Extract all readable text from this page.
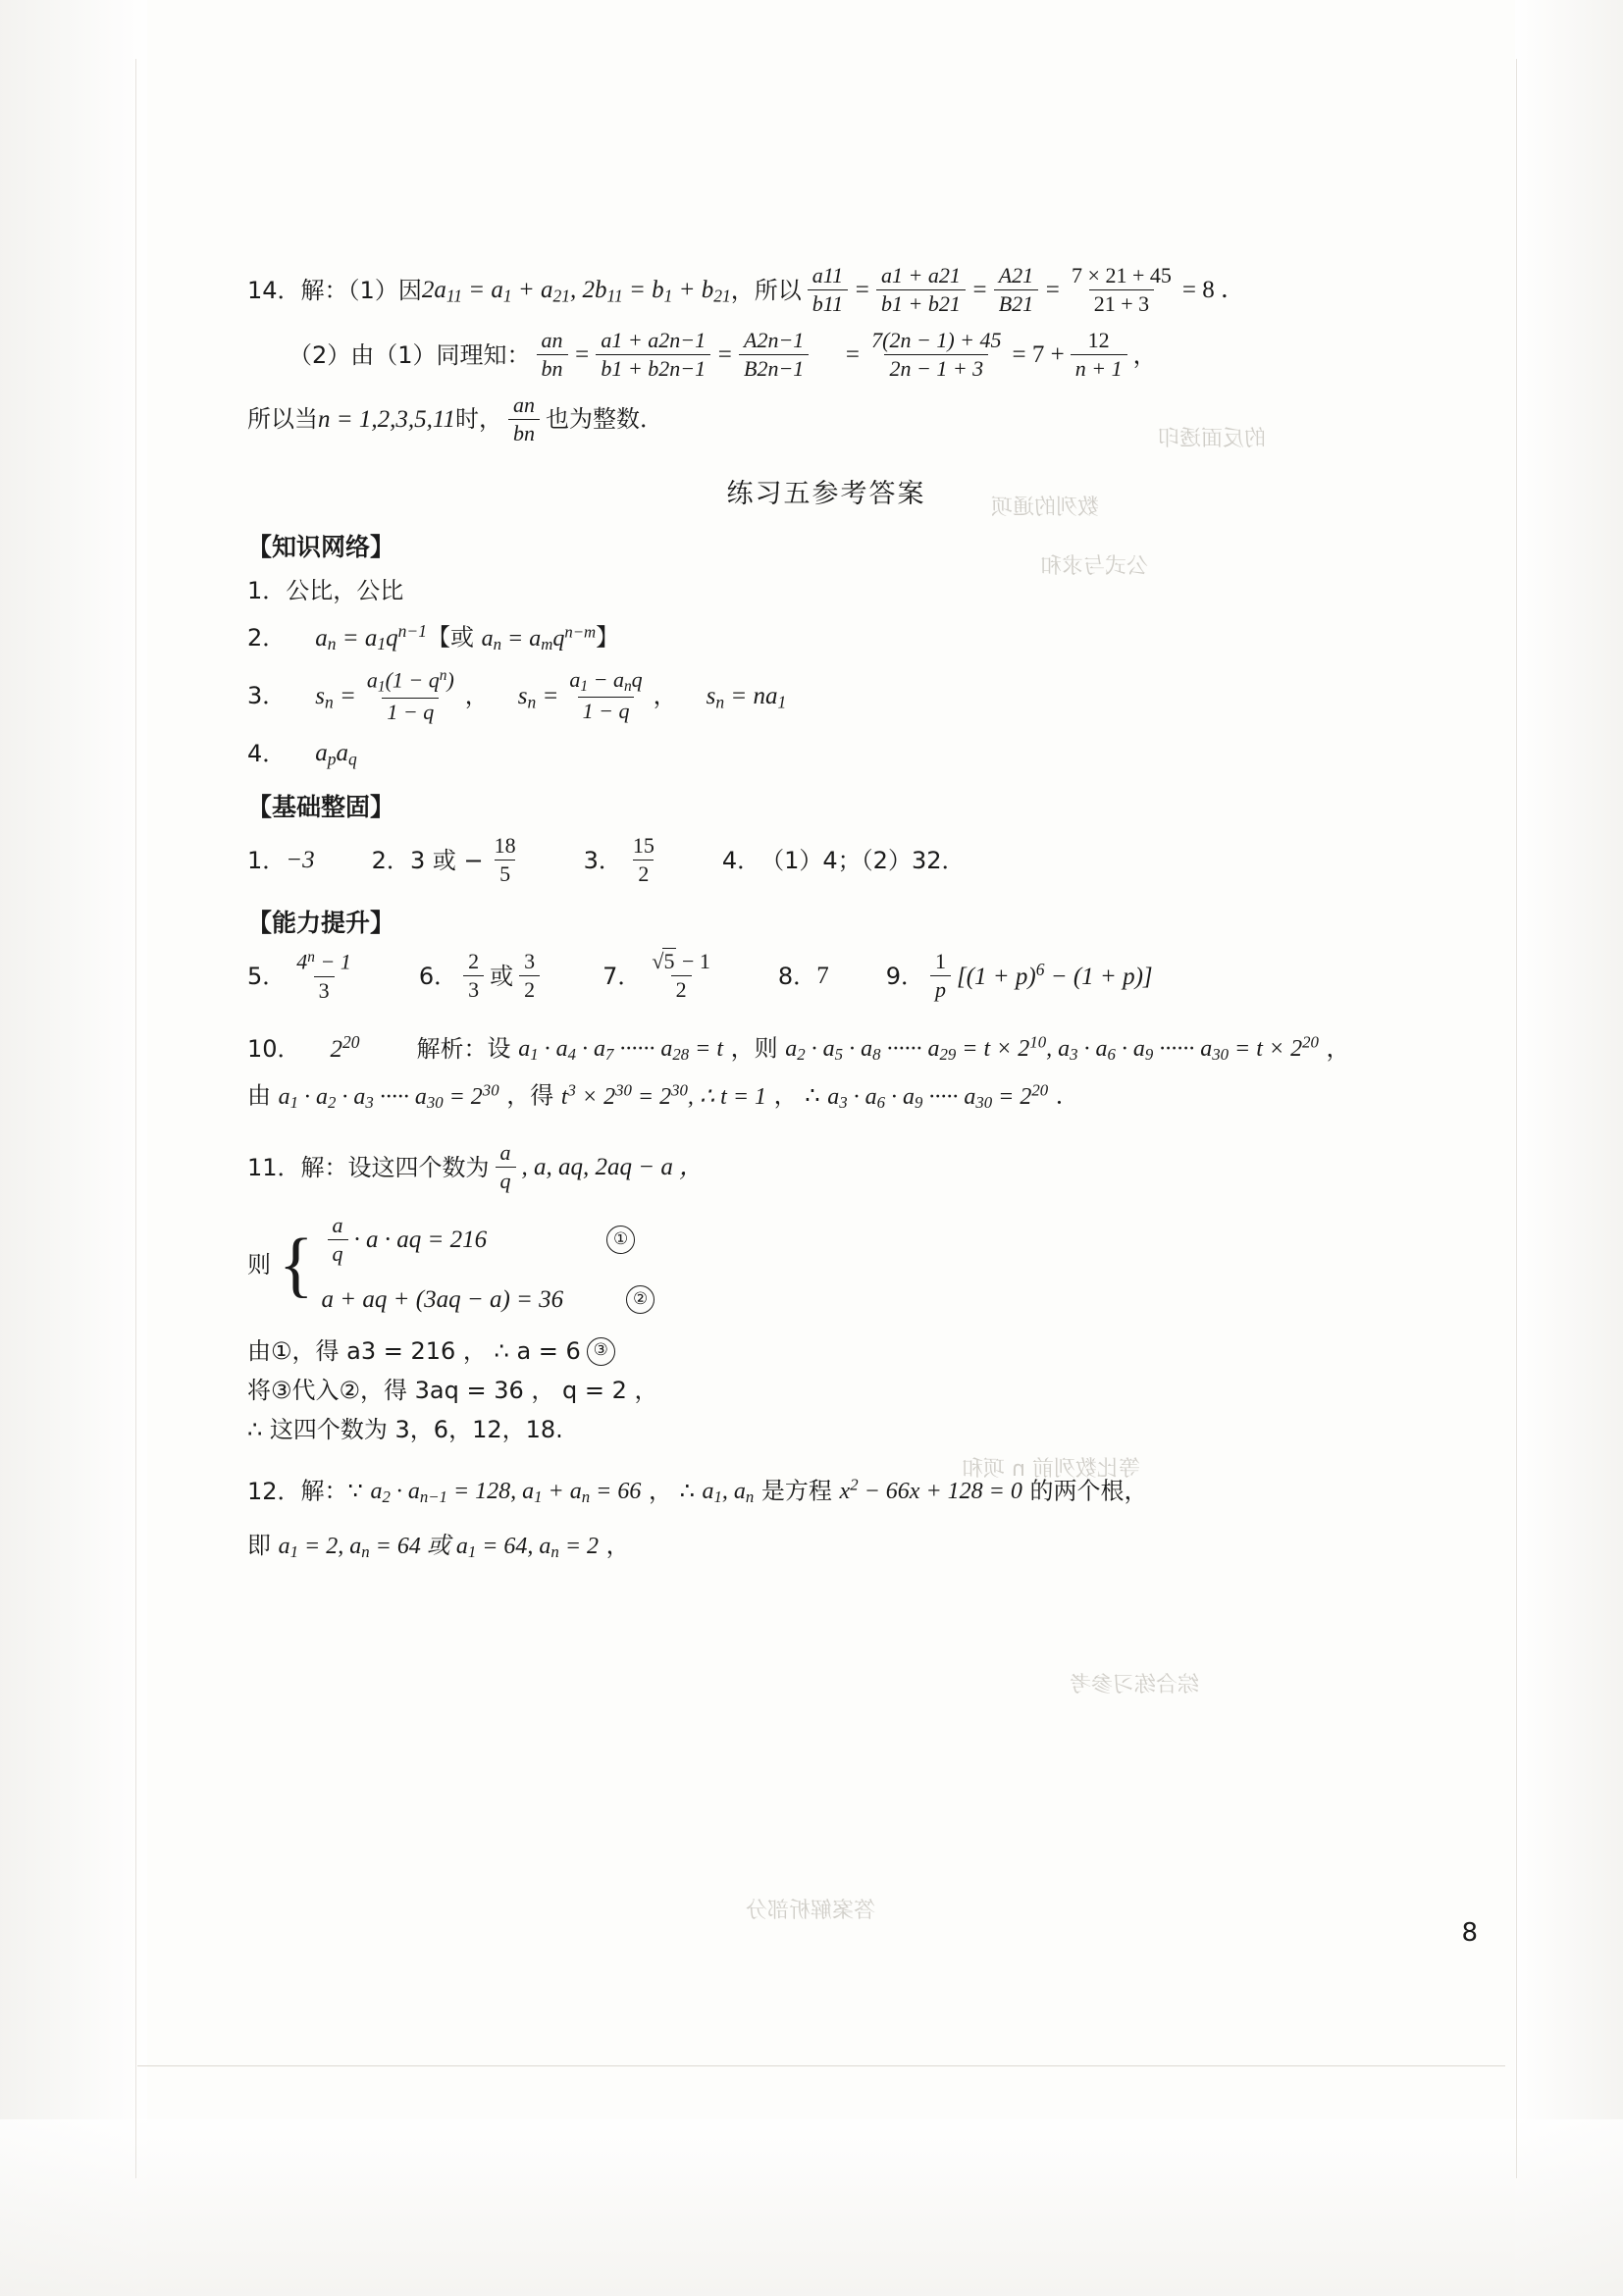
的反面透印
数列的通项
公式与求和
等比数列前 n 项和
综合练习参考
答案解析部分
14． 解：（1）因 $2a_{11} = a_1 + a_{21}$, $2b_{11} = b_1 + b_{21}$ ，所以 $\frac{a11}{b11} = \frac{a1 + a21}{b1 + b21} = \frac{A21}{B21} = \frac{7 \times 21 + 45}{21 + 3} = 8$ ．
（2）由（1）同理知： $\frac{an}{bn} = \frac{a1 + a2n-1}{b1 + b2n-1} = \frac{A2n-1}{B2n-1} = \frac{7(2n - 1) + 45}{2n - 1 + 3} = 7 + \frac{12}{n + 1}$ ，
所以当 n = 1,2,3,5,11 时， $\frac{an}{bn}$ 也为整数．
练习五参考答案
【知识网络】
1． 公比，公比
2． $a_n = a_1q^{n-1}$ 【或 $a_n = a_mq^{n-m}$】
3． $s_n = \frac{a_1(1 - q^n)}{1 - q}$ ， $s_n = \frac{a_1 - a_nq}{1 - q}$ ， $s_n = na_1$
4． $a_pa_q$
【基础整固】
1． −3 2． 3 或 − $\frac{18}{5}$	3． $\frac{15}{2}$	4． （1）4；（2）32．
【能力提升】
5． $\frac{4^n - 1}{3}$	6． $\frac{2}{3}$ 或 $\frac{3}{2}$	7． $\frac{√5 - 1}{2}$	8． 7 9． $\frac{1}{p} [(1 + p)^6 - (1 + p)]$
10． $2^{20}$ 解析： 设 $a_1 \cdot a_4 \cdot a_7$ ······ $a_{28} = t$ ，则 $a_2 \cdot a_5 \cdot a_8$ ······ $a_{29} = t \times 2^{10}$, $a_3 \cdot a_6 \cdot a_9$ ······ $a_{30} = t \times 2^{20}$ ，
由 $a_1 \cdot a_2 \cdot a_3$ ····· $a_{30} = 2^{30}$ ，得 $t^3 \times 2^{30} = 2^{30}$, ∴ t = 1 ， ∴ $a_3 \cdot a_6 \cdot a_9$ ····· $a_{30} = 2^{20}$ ．
11． 解：设这四个数为 $\frac{a}{q}$ , a, aq, 2aq − a ，
则 { $\frac{a}{q} \cdot a$ · aq = 216	①
a + aq + (3aq − a) = 36	②
由①，得 a3 = 216 ， ∴ a = 6 ③
将③代入②，得 3aq = 36 ， q = 2 ，
∴ 这四个数为 3，6，12，18.
12． 解：∵ $a_2 \cdot a_{n-1} = 128$, $a_1 + a_n = 66$ ， ∴ $a_1$, $a_n$ 是方程 $x^2 - 66x + 128 = 0$ 的两个根，
即 $a_1 = 2$, $a_n = 64$ 或 $a_1 = 64$, $a_n = 2$ ，
8
